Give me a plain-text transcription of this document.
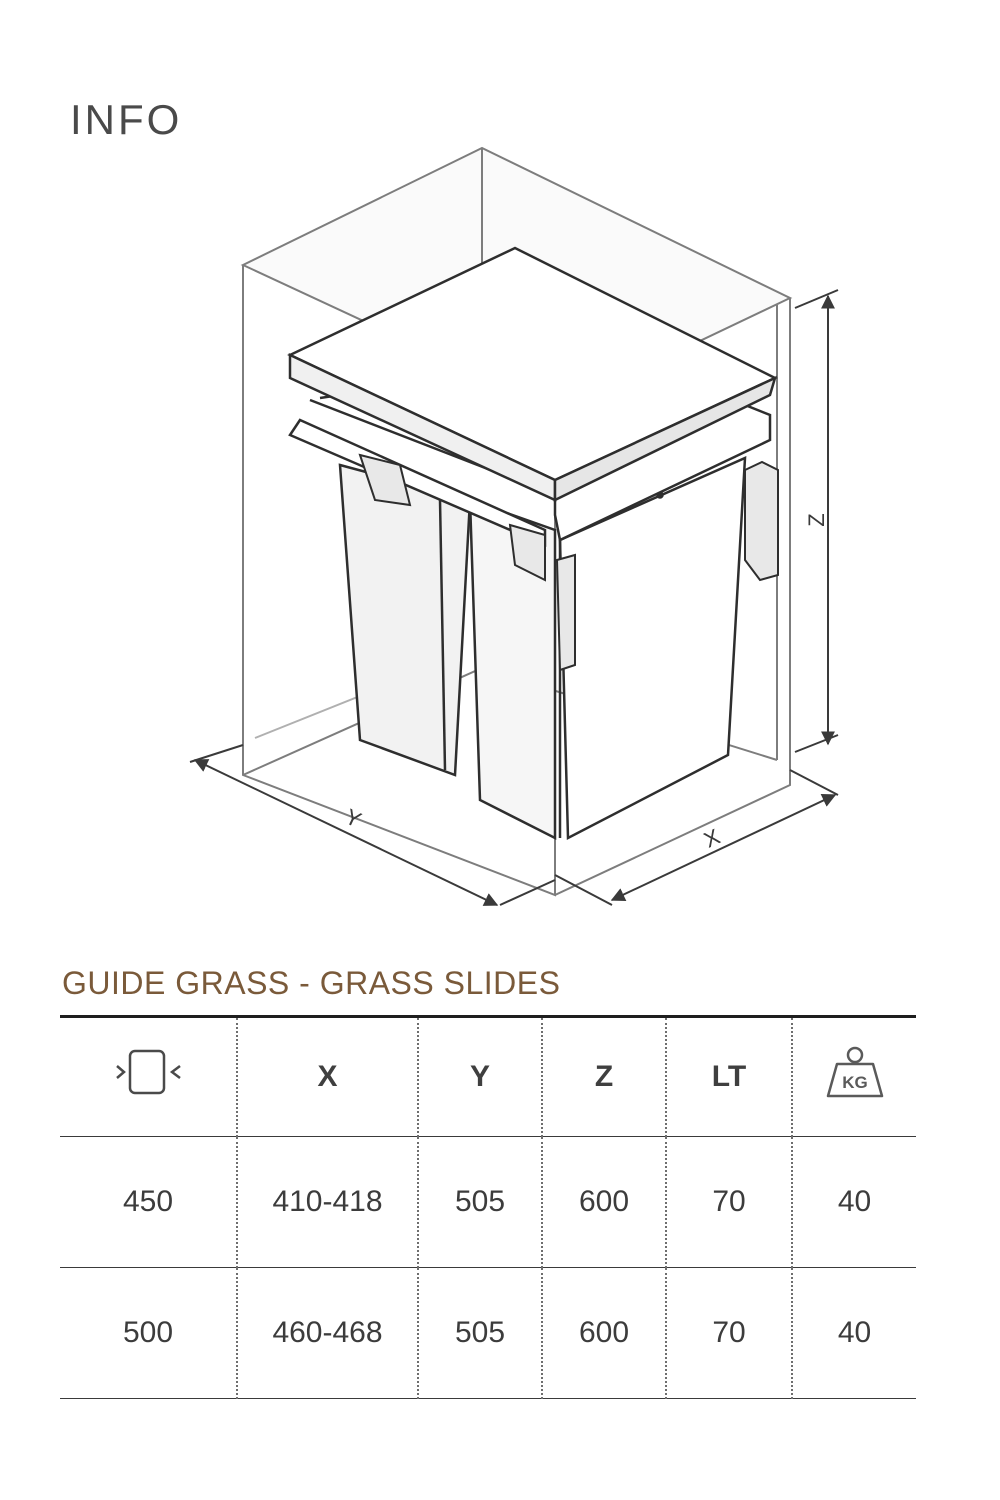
INFO
Z
X
Y
GUIDE GRASS - GRASS SLIDES
	X	Y	Z	LT	KG

450	410-418	505	600	70	40
500	460-468	505	600	70	40
